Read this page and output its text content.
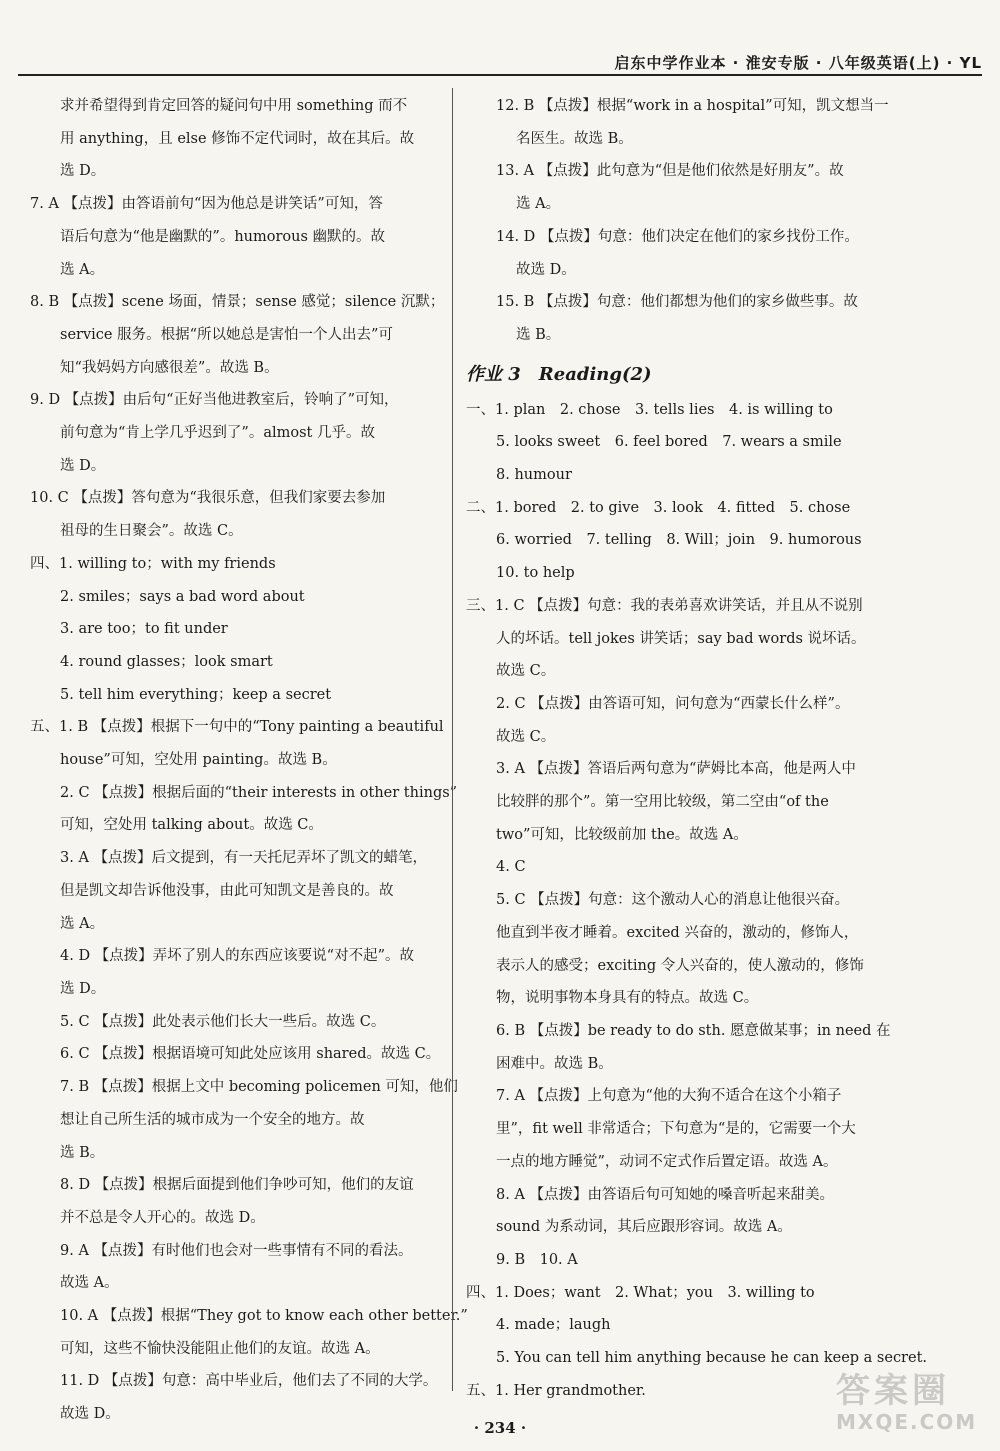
启东中学作业本 · 淮安专版 · 八年级英语(上) · YL
求并希望得到肯定回答的疑问句中用 something 而不
用 anything，且 else 修饰不定代词时，故在其后。故
选 D。
7. A 【点拨】由答语前句“因为他总是讲笑话”可知，答
语后句意为“他是幽默的”。humorous 幽默的。故
选 A。
8. B 【点拨】scene 场面，情景；sense 感觉；silence 沉默；
service 服务。根据“所以她总是害怕一个人出去”可
知“我妈妈方向感很差”。故选 B。
9. D 【点拨】由后句“正好当他进教室后，铃响了”可知，
前句意为“肯上学几乎迟到了”。almost 几乎。故
选 D。
10. C 【点拨】答句意为“我很乐意，但我们家要去参加
祖母的生日聚会”。故选 C。
四、1. willing to；with my friends
2. smiles；says a bad word about
3. are too；to fit under
4. round glasses；look smart
5. tell him everything；keep a secret
五、1. B 【点拨】根据下一句中的“Tony painting a beautiful
house”可知，空处用 painting。故选 B。
2. C 【点拨】根据后面的“their interests in other things”
可知，空处用 talking about。故选 C。
3. A 【点拨】后文提到，有一天托尼弄坏了凯文的蜡笔，
但是凯文却告诉他没事，由此可知凯文是善良的。故
选 A。
4. D 【点拨】弄坏了别人的东西应该要说“对不起”。故
选 D。
5. C 【点拨】此处表示他们长大一些后。故选 C。
6. C 【点拨】根据语境可知此处应该用 shared。故选 C。
7. B 【点拨】根据上文中 becoming policemen 可知，他们
想让自己所生活的城市成为一个安全的地方。故
选 B。
8. D 【点拨】根据后面提到他们争吵可知，他们的友谊
并不总是令人开心的。故选 D。
9. A 【点拨】有时他们也会对一些事情有不同的看法。
故选 A。
10. A 【点拨】根据“They got to know each other better.”
可知，这些不愉快没能阻止他们的友谊。故选 A。
11. D 【点拨】句意：高中毕业后，他们去了不同的大学。
故选 D。
12. B 【点拨】根据“work in a hospital”可知，凯文想当一
名医生。故选 B。
13. A 【点拨】此句意为“但是他们依然是好朋友”。故
选 A。
14. D 【点拨】句意：他们决定在他们的家乡找份工作。
故选 D。
15. B 【点拨】句意：他们都想为他们的家乡做些事。故
选 B。
作业 3　Reading(2)
一、1. plan　2. chose　3. tells lies　4. is willing to
5. looks sweet　6. feel bored　7. wears a smile
8. humour
二、1. bored　2. to give　3. look　4. fitted　5. chose
6. worried　7. telling　8. Will；join　9. humorous
10. to help
三、1. C 【点拨】句意：我的表弟喜欢讲笑话，并且从不说别
人的坏话。tell jokes 讲笑话；say bad words 说坏话。
故选 C。
2. C 【点拨】由答语可知，问句意为“西蒙长什么样”。
故选 C。
3. A 【点拨】答语后两句意为“萨姆比本高，他是两人中
比较胖的那个”。第一空用比较级，第二空由“of the
two”可知，比较级前加 the。故选 A。
4. C
5. C 【点拨】句意：这个激动人心的消息让他很兴奋。
他直到半夜才睡着。excited 兴奋的，激动的，修饰人，
表示人的感受；exciting 令人兴奋的，使人激动的，修饰
物，说明事物本身具有的特点。故选 C。
6. B 【点拨】be ready to do sth. 愿意做某事；in need 在
困难中。故选 B。
7. A 【点拨】上句意为“他的大狗不适合在这个小箱子
里”，fit well 非常适合；下句意为“是的，它需要一个大
一点的地方睡觉”，动词不定式作后置定语。故选 A。
8. A 【点拨】由答语后句可知她的嗓音听起来甜美。
sound 为系动词，其后应跟形容词。故选 A。
9. B　10. A
四、1. Does；want　2. What；you　3. willing to
4. made；laugh
5. You can tell him anything because he can keep a secret.
五、1. Her grandmother.
· 234 ·
答案圈
MXQE.COM
